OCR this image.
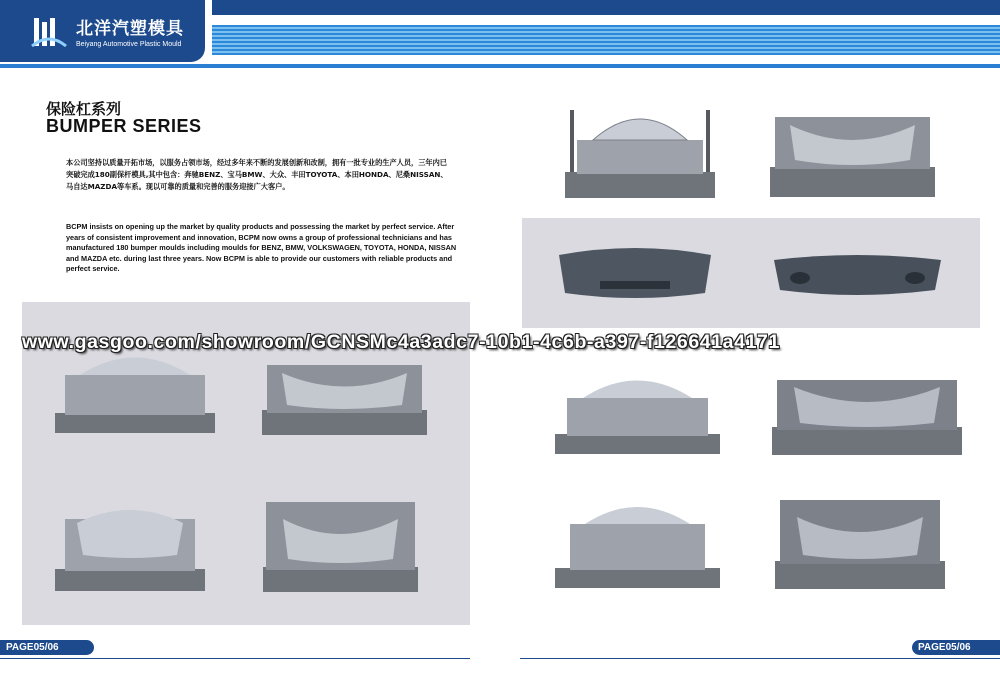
北洋汽塑模具
Beiyang Automotive Plastic Mould
保险杠系列
BUMPER SERIES
本公司坚持以质量开拓市场，以服务占领市场，经过多年来不断的发展创新和改制，拥有一批专业的生产人员，三年内已突破完成180副保杆模具,其中包含：奔驰BENZ、宝马BMW、大众、丰田TOYOTA、本田HONDA、尼桑NISSAN、马自达MAZDA等车系。现以可靠的质量和完善的服务迎接广大客户。
BCPM insists on opening up the market by quality products and possessing the market by perfect service. After years of consistent improvement and innovation, BCPM now owns a group of professional technicians and has manufactured 180 bumper moulds including moulds for BENZ, BMW, VOLKSWAGEN, TOYOTA, HONDA, NISSAN and MAZDA etc. during last three years. Now BCPM is able to provide our customers with reliable products and perfect service.
www.gasgoo.com/showroom/GCNSMc4a3adc7-10b1-4c6b-a397-f126641a4171
PAGE05/06	PAGE05/06
